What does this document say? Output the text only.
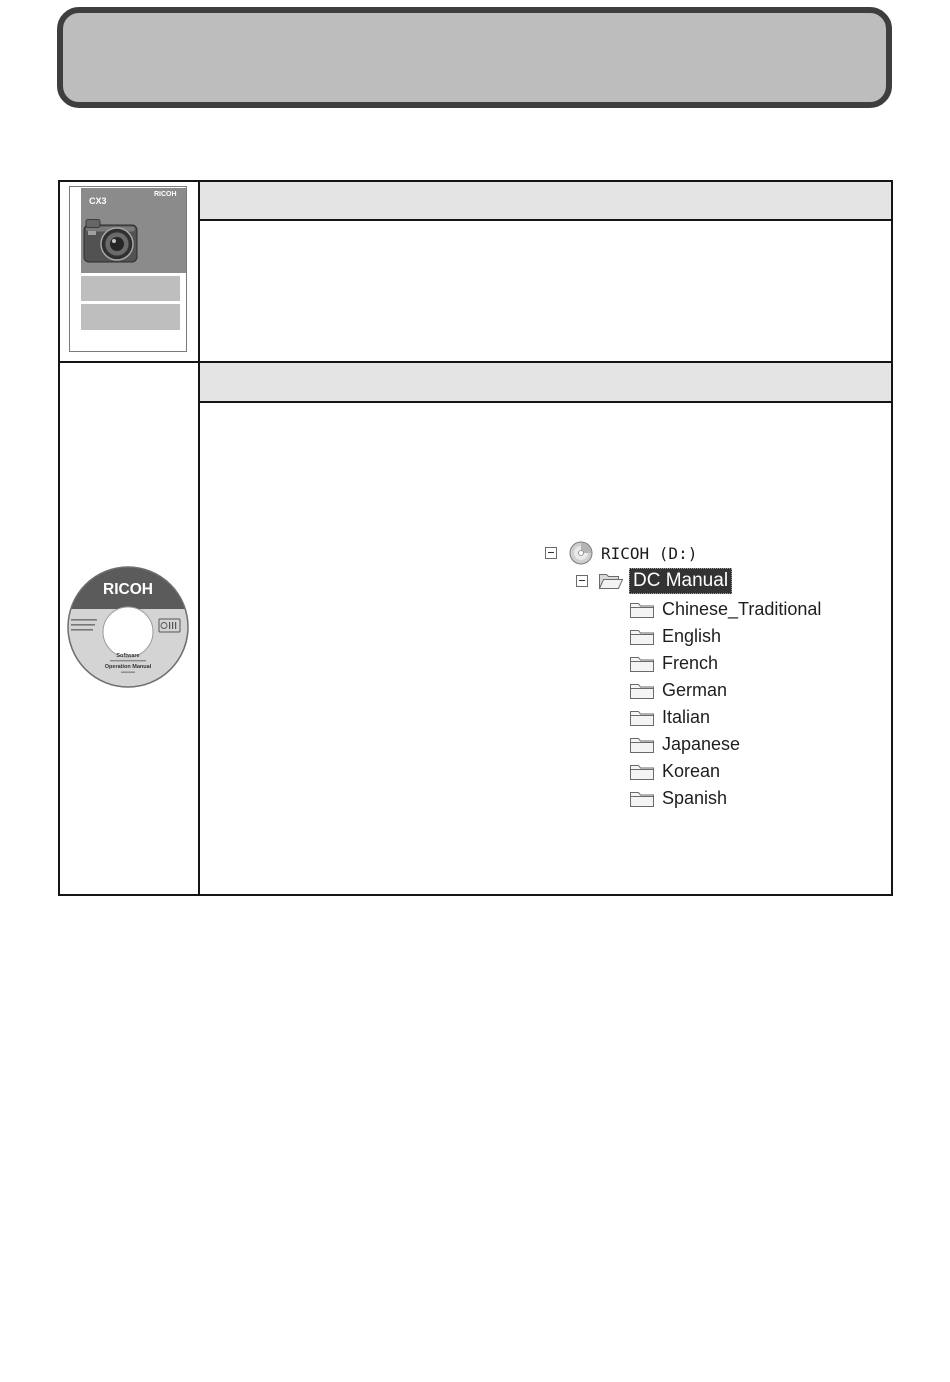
CX3
RICOH
RICOH
Software
Operation Manual
RICOH (D:)
DC Manual
Chinese_Traditional
English
French
German
Italian
Japanese
Korean
Spanish
